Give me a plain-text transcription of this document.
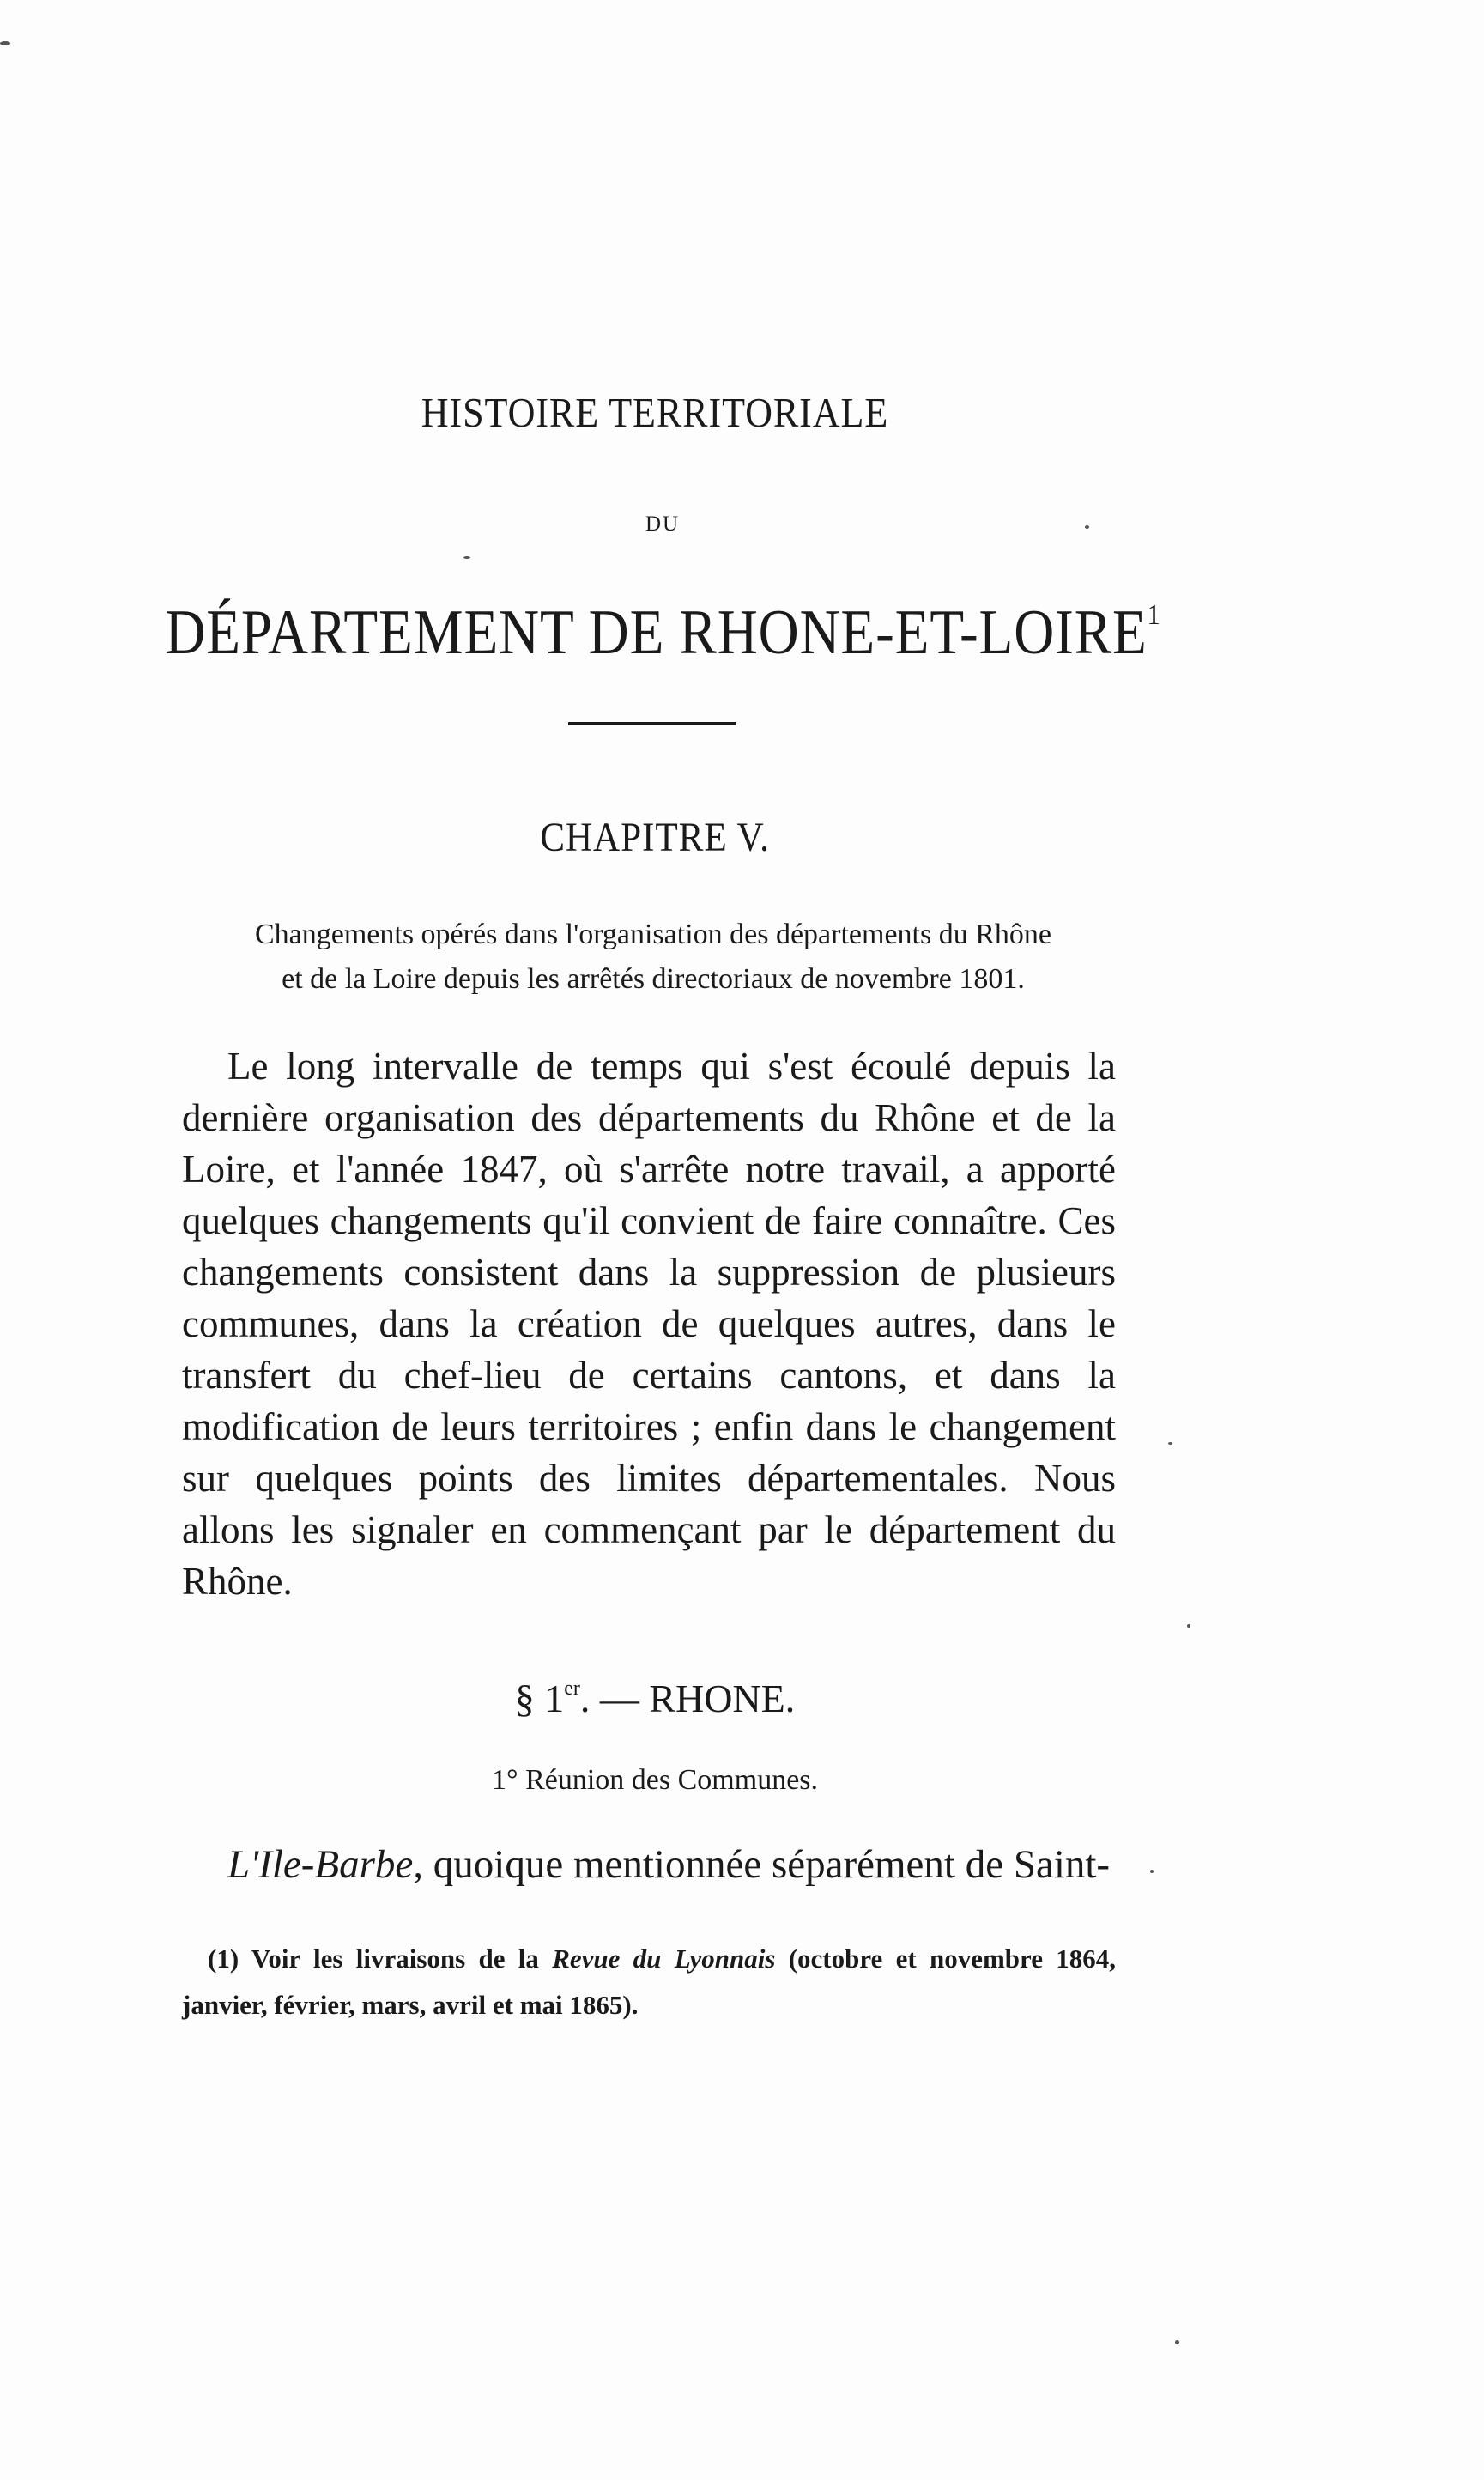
HISTOIRE TERRITORIALE
DU
DÉPARTEMENT DE RHONE-ET-LOIRE$^1$
CHAPITRE V.
Changements opérés dans l'organisation des départements du Rhône
et de la Loire depuis les arrêtés directoriaux de novembre 1801.
Le long intervalle de temps qui s'est écoulé depuis la dernière organisation des départements du Rhône et de la Loire, et l'année 1847, où s'arrête notre travail, a apporté quelques changements qu'il convient de faire connaître. Ces changements consistent dans la suppression de plusieurs communes, dans la création de quelques autres, dans le transfert du chef-lieu de certains cantons, et dans la modification de leurs territoires ; enfin dans le changement sur quelques points des limites départementales. Nous allons les signaler en commençant par le département du Rhône.
§ 1er. — RHONE.
1° Réunion des Communes.
L'Ile-Barbe, quoique mentionnée séparément de Saint-
(1) Voir les livraisons de la Revue du Lyonnais (octobre et novembre 1864, janvier, février, mars, avril et mai 1865).
